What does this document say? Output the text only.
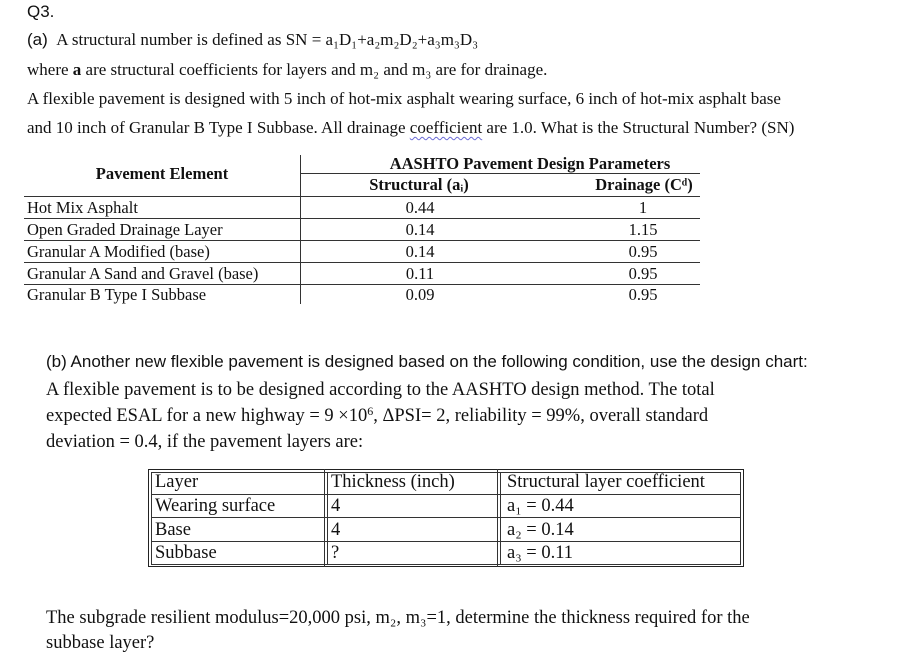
Q3.
(a) A structural number is defined as SN = a₁D₁+a₂m₂D₂+a₃m₃D₃
where a are structural coefficients for layers and m₂ and m₃ are for drainage.
A flexible pavement is designed with 5 inch of hot-mix asphalt wearing surface, 6 inch of hot-mix asphalt base
and 10 inch of Granular B Type I Subbase. All drainage coefficient are 1.0. What is the Structural Number? (SN)
Pavement Element
AASHTO Pavement Design Parameters
Structural (aᵢ)	Drainage (Cᵈ)
Hot Mix Asphalt	0.44	1
Open Graded Drainage Layer	0.14	1.15
Granular A Modified (base)	0.14	0.95
Granular A Sand and Gravel (base)	0.11	0.95
Granular B Type I Subbase	0.09	0.95
(b) Another new flexible pavement is designed based on the following condition, use the design chart:
A flexible pavement is to be designed according to the AASHTO design method. The total
expected ESAL for a new highway = $9 \times 10^6$, ΔPSI= 2, reliability = 99%, overall standard
deviation = 0.4, if the pavement layers are:
Layer	Thickness (inch)	Structural layer coefficient
Wearing surface	4	a₁ = 0.44
Base	4	a₂ = 0.14
Subbase	?	a₃ = 0.11
The subgrade resilient modulus=20,000 psi, m₂, m₃=1, determine the thickness required for the
subbase layer?
